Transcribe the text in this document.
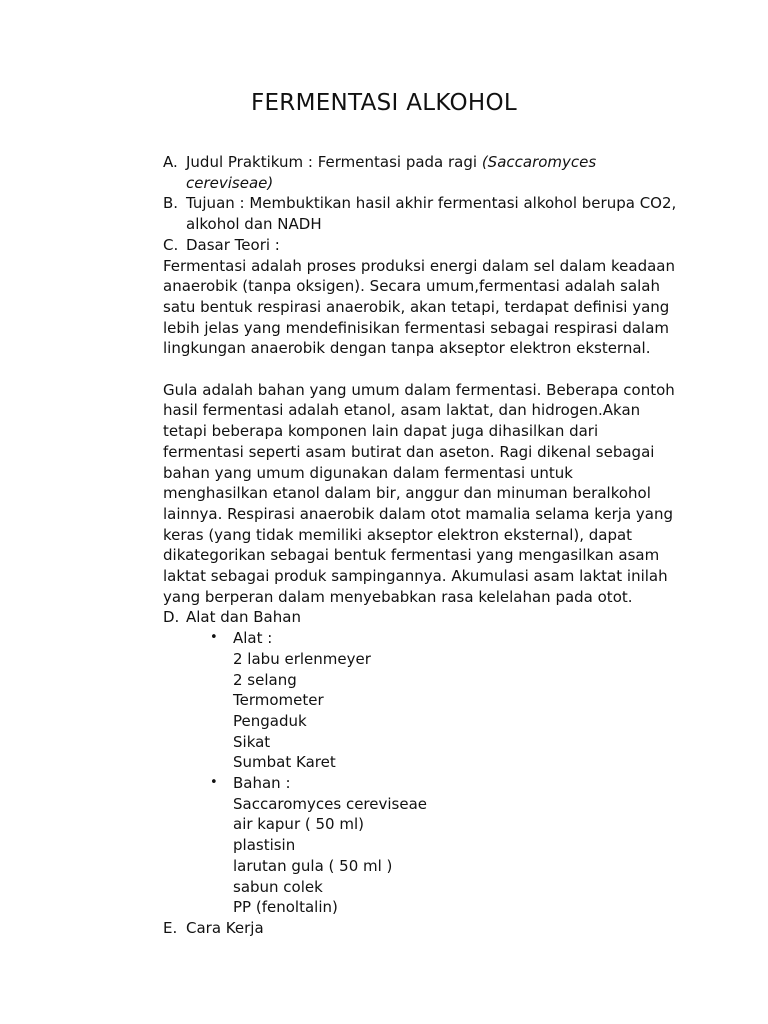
FERMENTASI ALKOHOL
A. Judul Praktikum : Fermentasi pada ragi (Saccaromyces cereviseae)
B. Tujuan : Membuktikan hasil akhir fermentasi alkohol berupa CO2,
alkohol dan NADH
C. Dasar Teori :
Fermentasi adalah proses produksi energi dalam sel dalam keadaan
anaerobik (tanpa oksigen). Secara umum,fermentasi adalah salah
satu bentuk respirasi anaerobik, akan tetapi, terdapat definisi yang
lebih jelas yang mendefinisikan fermentasi sebagai respirasi dalam
lingkungan anaerobik dengan tanpa akseptor elektron eksternal.
Gula adalah bahan yang umum dalam fermentasi. Beberapa contoh
hasil fermentasi adalah etanol, asam laktat, dan hidrogen.Akan
tetapi beberapa komponen lain dapat juga dihasilkan dari
fermentasi seperti asam butirat dan aseton. Ragi dikenal sebagai
bahan yang umum digunakan dalam fermentasi untuk
menghasilkan etanol dalam bir, anggur dan minuman beralkohol
lainnya. Respirasi anaerobik dalam otot mamalia selama kerja yang
keras (yang tidak memiliki akseptor elektron eksternal), dapat
dikategorikan sebagai bentuk fermentasi yang mengasilkan asam
laktat sebagai produk sampingannya. Akumulasi asam laktat inilah
yang berperan dalam menyebabkan rasa kelelahan pada otot.
D. Alat dan Bahan
•	Alat :
2 labu erlenmeyer
2 selang
Termometer
Pengaduk
Sikat
Sumbat Karet
•	Bahan :
Saccaromyces cereviseae
air kapur ( 50 ml)
plastisin
larutan gula ( 50 ml )
sabun colek
PP (fenoltalin)
E. Cara Kerja
